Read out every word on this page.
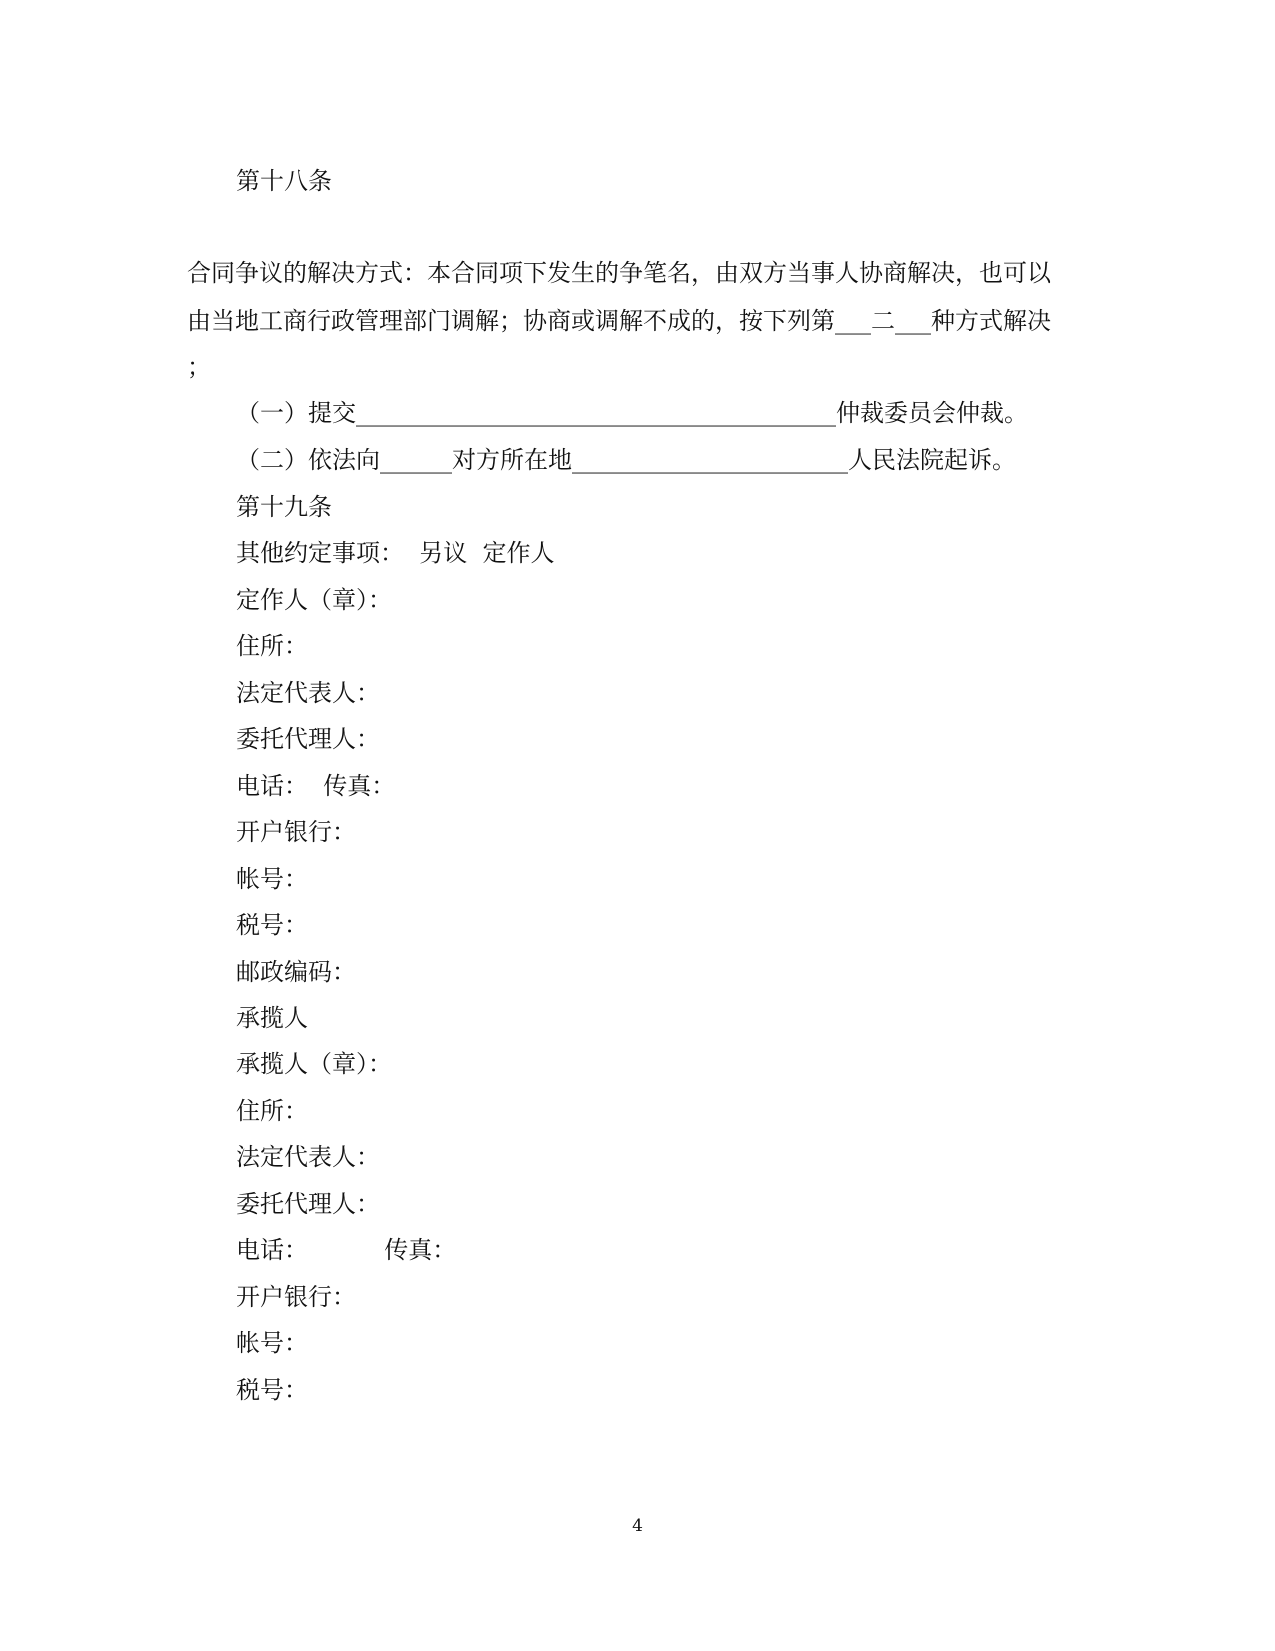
第十八条
合同争议的解决方式：本合同项下发生的争笔名，由双方当事人协商解决，也可以
由当地工商行政管理部门调解；协商或调解不成的，按下列第___二___种方式解决
；
（一）提交________________________________________仲裁委员会仲裁。
（二）依法向______对方所在地_______________________人民法院起诉。
第十九条
其他约定事项：  另议  定作人
定作人（章）：
住所：
法定代表人：
委托代理人：
电话：  传真：
开户银行：
帐号：
税号：
邮政编码：
承揽人
承揽人（章）：
住所：
法定代表人：
委托代理人：
电话：          传真：
开户银行：
帐号：
税号：
4
